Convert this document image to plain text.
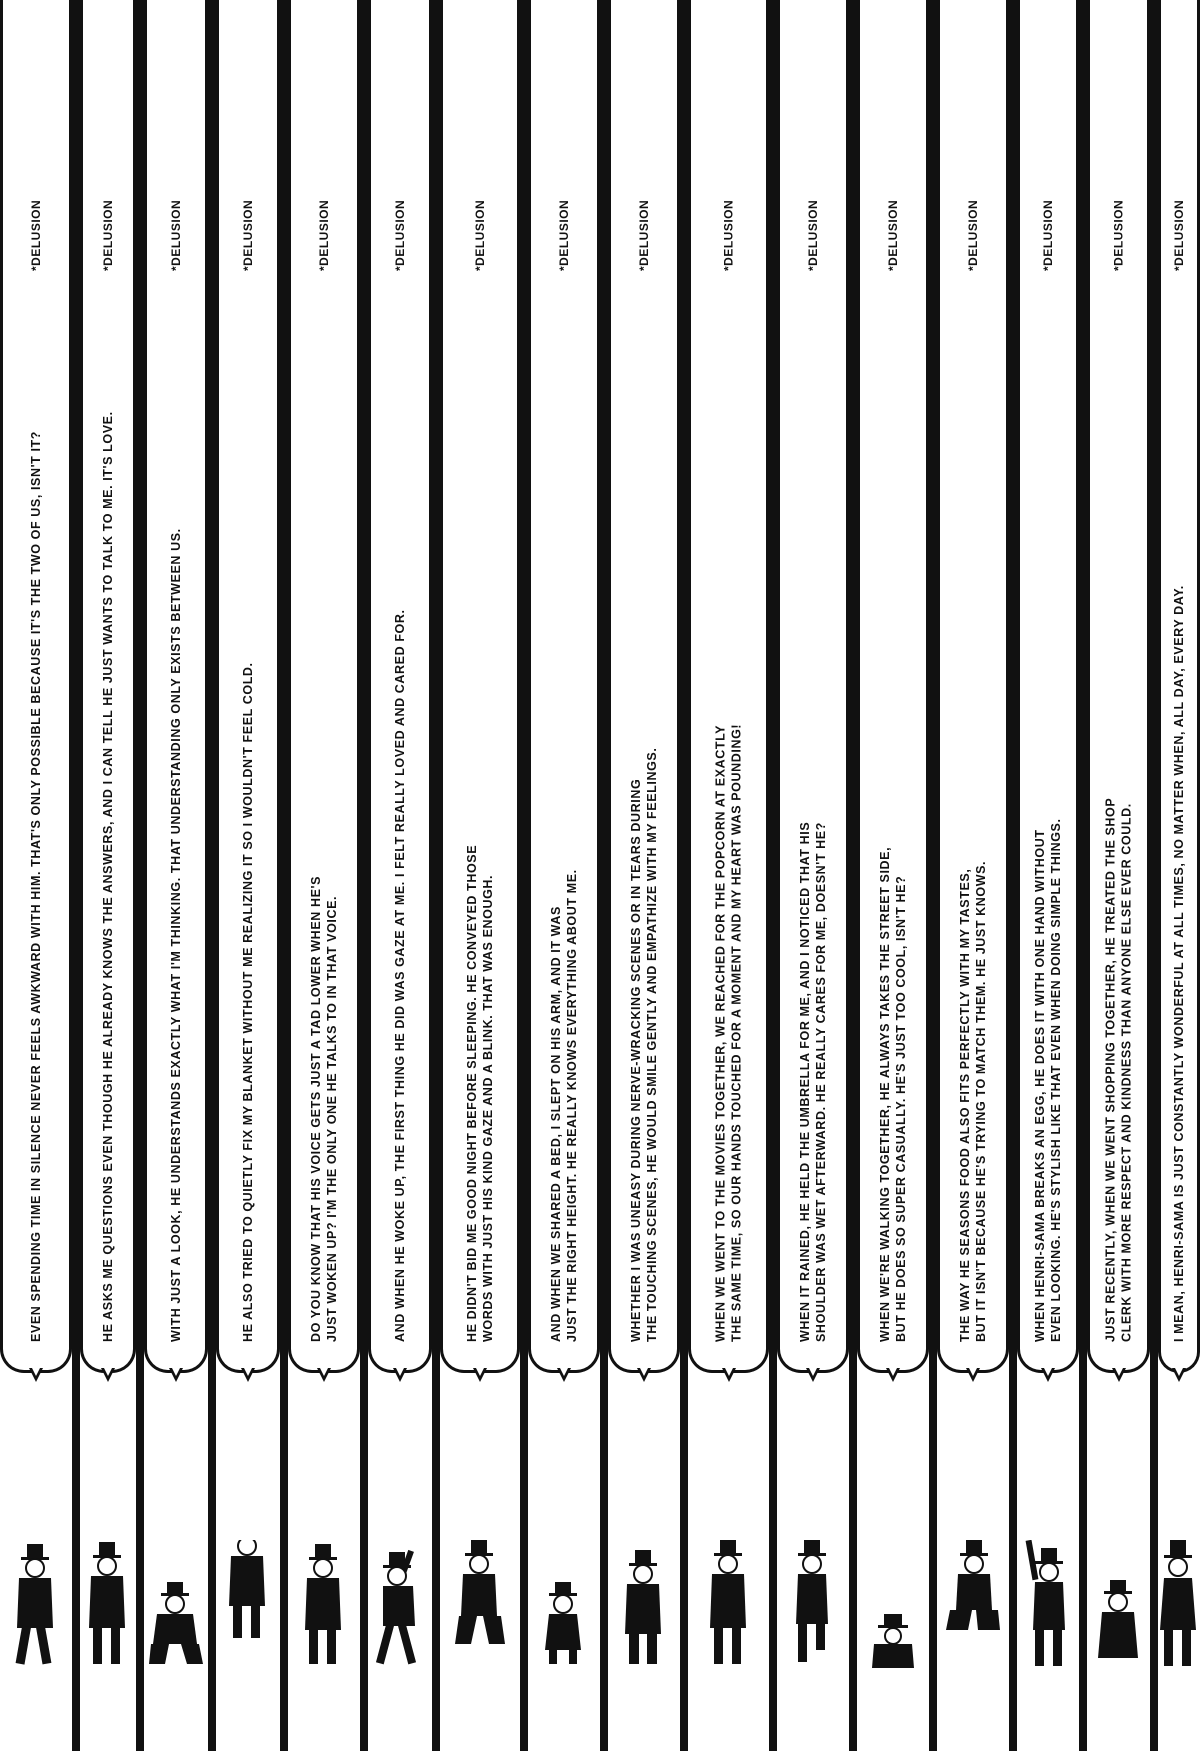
I MEAN, HENRI-SAMA IS JUST CONSTANTLY WONDERFUL AT ALL TIMES, NO MATTER WHEN, ALL DAY, EVERY DAY.
*DELUSION
JUST RECENTLY, WHEN WE WENT SHOPPING TOGETHER, HE TREATED THE SHOP CLERK WITH MORE RESPECT AND KINDNESS THAN ANYONE ELSE EVER COULD.
*DELUSION
WHEN HENRI-SAMA BREAKS AN EGG, HE DOES IT WITH ONE HAND WITHOUT EVEN LOOKING. HE'S STYLISH LIKE THAT EVEN WHEN DOING SIMPLE THINGS.
*DELUSION
THE WAY HE SEASONS FOOD ALSO FITS PERFECTLY WITH MY TASTES, BUT IT ISN'T BECAUSE HE'S TRYING TO MATCH THEM. HE JUST KNOWS.
*DELUSION
WHEN WE'RE WALKING TOGETHER, HE ALWAYS TAKES THE STREET SIDE, BUT HE DOES SO SUPER CASUALLY. HE'S JUST TOO COOL, ISN'T HE?
*DELUSION
WHEN IT RAINED, HE HELD THE UMBRELLA FOR ME, AND I NOTICED THAT HIS SHOULDER WAS WET AFTERWARD. HE REALLY CARES FOR ME, DOESN'T HE?
*DELUSION
WHEN WE WENT TO THE MOVIES TOGETHER, WE REACHED FOR THE POPCORN AT EXACTLY THE SAME TIME, SO OUR HANDS TOUCHED FOR A MOMENT AND MY HEART WAS POUNDING!
*DELUSION
WHETHER I WAS UNEASY DURING NERVE-WRACKING SCENES OR IN TEARS DURING THE TOUCHING SCENES, HE WOULD SMILE GENTLY AND EMPATHIZE WITH MY FEELINGS.
*DELUSION
AND WHEN WE SHARED A BED, I SLEPT ON HIS ARM, AND IT WAS JUST THE RIGHT HEIGHT. HE REALLY KNOWS EVERYTHING ABOUT ME.
*DELUSION
HE DIDN'T BID ME GOOD NIGHT BEFORE SLEEPING. HE CONVEYED THOSE WORDS WITH JUST HIS KIND GAZE AND A BLINK. THAT WAS ENOUGH.
*DELUSION
AND WHEN HE WOKE UP, THE FIRST THING HE DID WAS GAZE AT ME. I FELT REALLY LOVED AND CARED FOR.
*DELUSION
DO YOU KNOW THAT HIS VOICE GETS JUST A TAD LOWER WHEN HE'S JUST WOKEN UP? I'M THE ONLY ONE HE TALKS TO IN THAT VOICE.
*DELUSION
HE ALSO TRIED TO QUIETLY FIX MY BLANKET WITHOUT ME REALIZING IT SO I WOULDN'T FEEL COLD.
*DELUSION
WITH JUST A LOOK, HE UNDERSTANDS EXACTLY WHAT I'M THINKING. THAT UNDERSTANDING ONLY EXISTS BETWEEN US.
*DELUSION
HE ASKS ME QUESTIONS EVEN THOUGH HE ALREADY KNOWS THE ANSWERS, AND I CAN TELL HE JUST WANTS TO TALK TO ME. IT'S LOVE.
*DELUSION
EVEN SPENDING TIME IN SILENCE NEVER FEELS AWKWARD WITH HIM. THAT'S ONLY POSSIBLE BECAUSE IT'S THE TWO OF US, ISN'T IT?
*DELUSION
